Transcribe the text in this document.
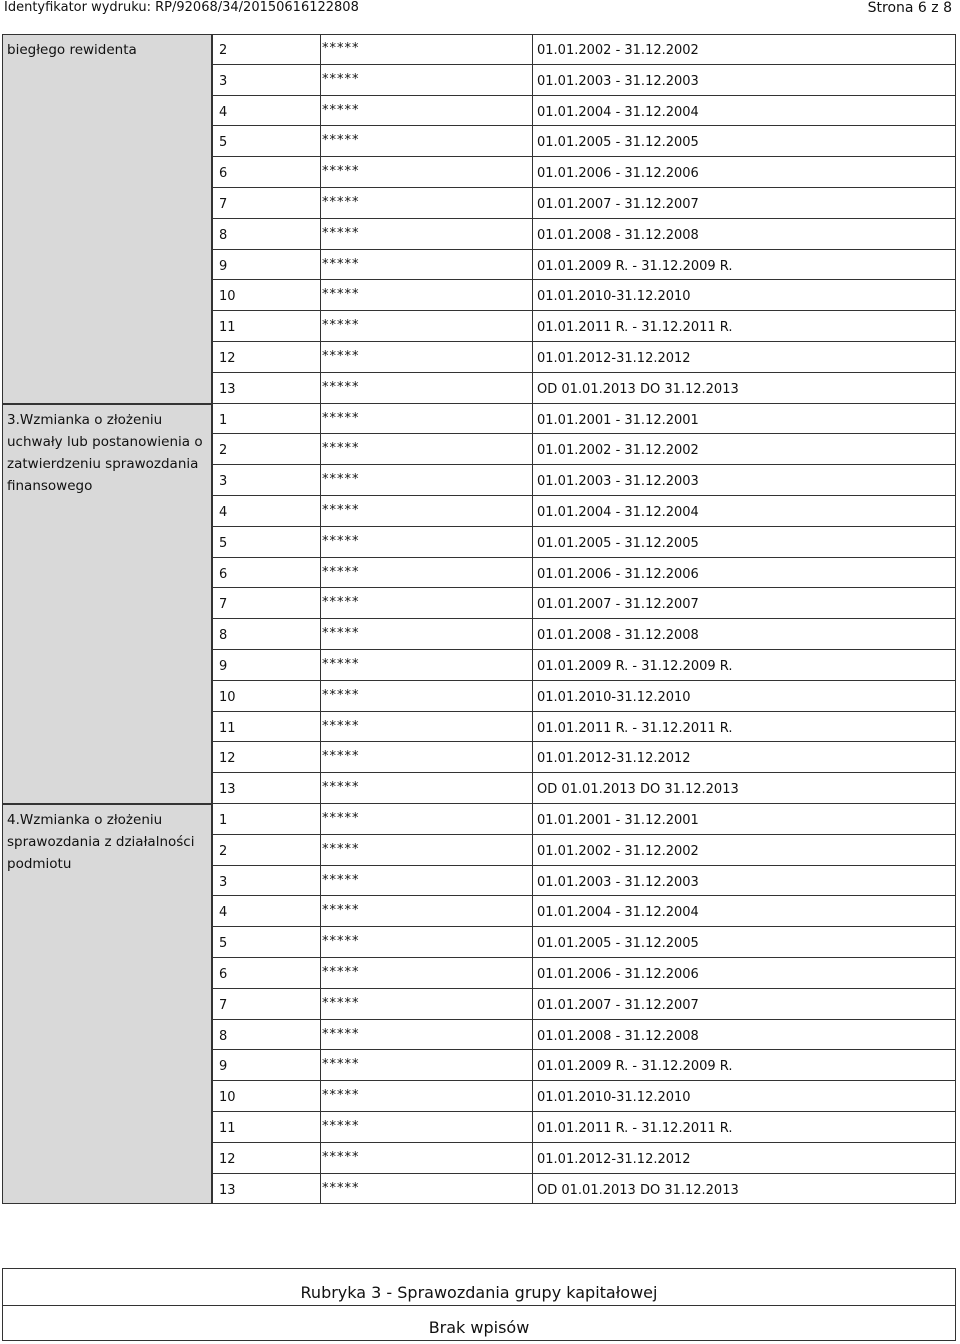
Identyfikator wydruku: RP/92068/34/20150616122808	Strona 6 z 8
biegłego rewidenta	2	*****	01.01.2002 - 31.12.2002
3	*****	01.01.2003 - 31.12.2003
4	*****	01.01.2004 - 31.12.2004
5	*****	01.01.2005 - 31.12.2005
6	*****	01.01.2006 - 31.12.2006
7	*****	01.01.2007 - 31.12.2007
8	*****	01.01.2008 - 31.12.2008
9	*****	01.01.2009 R. - 31.12.2009 R.
10	*****	01.01.2010-31.12.2010
11	*****	01.01.2011 R. - 31.12.2011 R.
12	*****	01.01.2012-31.12.2012
13	*****	OD 01.01.2013 DO 31.12.2013
3.Wzmianka o złożeniu uchwały lub postanowienia o zatwierdzeniu sprawozdania finansowego
1	*****	01.01.2001 - 31.12.2001
2	*****	01.01.2002 - 31.12.2002
3	*****	01.01.2003 - 31.12.2003
4	*****	01.01.2004 - 31.12.2004
5	*****	01.01.2005 - 31.12.2005
6	*****	01.01.2006 - 31.12.2006
7	*****	01.01.2007 - 31.12.2007
8	*****	01.01.2008 - 31.12.2008
9	*****	01.01.2009 R. - 31.12.2009 R.
10	*****	01.01.2010-31.12.2010
11	*****	01.01.2011 R. - 31.12.2011 R.
12	*****	01.01.2012-31.12.2012
13	*****	OD 01.01.2013 DO 31.12.2013
4.Wzmianka o złożeniu sprawozdania z działalności podmiotu
1	*****	01.01.2001 - 31.12.2001
2	*****	01.01.2002 - 31.12.2002
3	*****	01.01.2003 - 31.12.2003
4	*****	01.01.2004 - 31.12.2004
5	*****	01.01.2005 - 31.12.2005
6	*****	01.01.2006 - 31.12.2006
7	*****	01.01.2007 - 31.12.2007
8	*****	01.01.2008 - 31.12.2008
9	*****	01.01.2009 R. - 31.12.2009 R.
10	*****	01.01.2010-31.12.2010
11	*****	01.01.2011 R. - 31.12.2011 R.
12	*****	01.01.2012-31.12.2012
13	*****	OD 01.01.2013 DO 31.12.2013
Rubryka 3 - Sprawozdania grupy kapitałowej
Brak wpisów
